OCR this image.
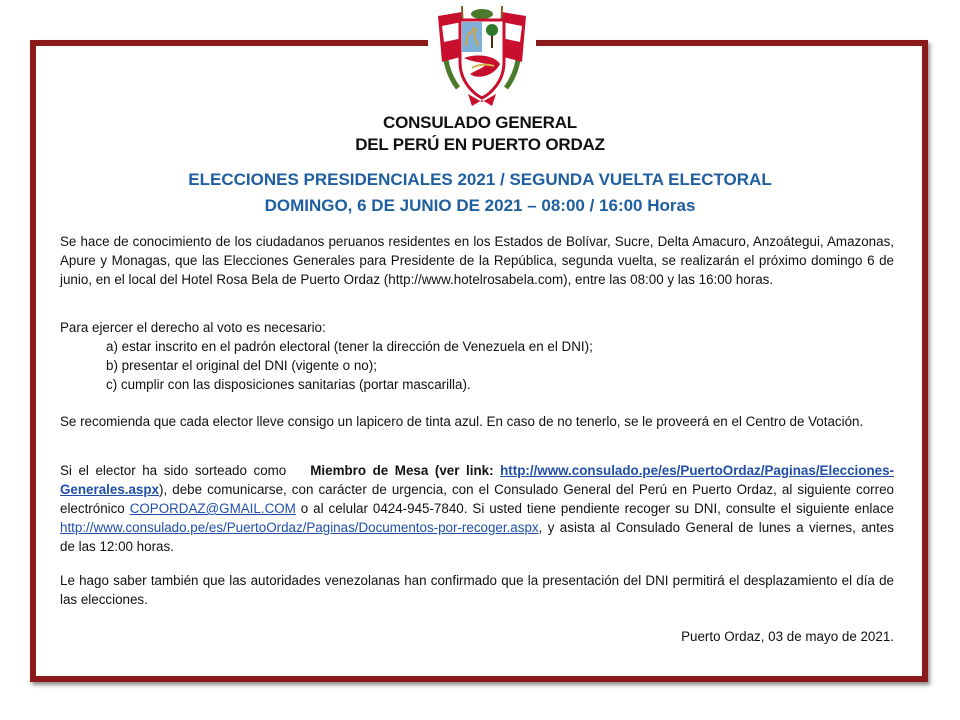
CONSULADO GENERAL
DEL PERÚ EN PUERTO ORDAZ
ELECCIONES PRESIDENCIALES 2021 / SEGUNDA VUELTA ELECTORAL
DOMINGO, 6 DE JUNIO DE 2021 – 08:00 / 16:00 Horas
Se hace de conocimiento de los ciudadanos peruanos residentes en los Estados de Bolívar, Sucre, Delta Amacuro, Anzoátegui, Amazonas, Apure y Monagas, que las Elecciones Generales para Presidente de la República, segunda vuelta, se realizarán el próximo domingo 6 de junio, en el local del Hotel Rosa Bela de Puerto Ordaz (http://www.hotelrosabela.com), entre las 08:00 y las 16:00 horas.
Para ejercer el derecho al voto es necesario:
a) estar inscrito en el padrón electoral (tener la dirección de Venezuela en el DNI);
b) presentar el original del DNI (vigente o no);
c) cumplir con las disposiciones sanitarias (portar mascarilla).
Se recomienda que cada elector lleve consigo un lapicero de tinta azul. En caso de no tenerlo, se le proveerá en el Centro de Votación.
Si el elector ha sido sorteado como Miembro de Mesa (ver link: http://www.consulado.pe/es/PuertoOrdaz/Paginas/Elecciones-Generales.aspx), debe comunicarse, con carácter de urgencia, con el Consulado General del Perú en Puerto Ordaz, al siguiente correo electrónico COPORDAZ@GMAIL.COM o al celular 0424-945-7840. Si usted tiene pendiente recoger su DNI, consulte el siguiente enlace http://www.consulado.pe/es/PuertoOrdaz/Paginas/Documentos-por-recoger.aspx, y asista al Consulado General de lunes a viernes, antes de las 12:00 horas.
Le hago saber también que las autoridades venezolanas han confirmado que la presentación del DNI permitirá el desplazamiento el día de las elecciones.
Puerto Ordaz, 03 de mayo de 2021.
